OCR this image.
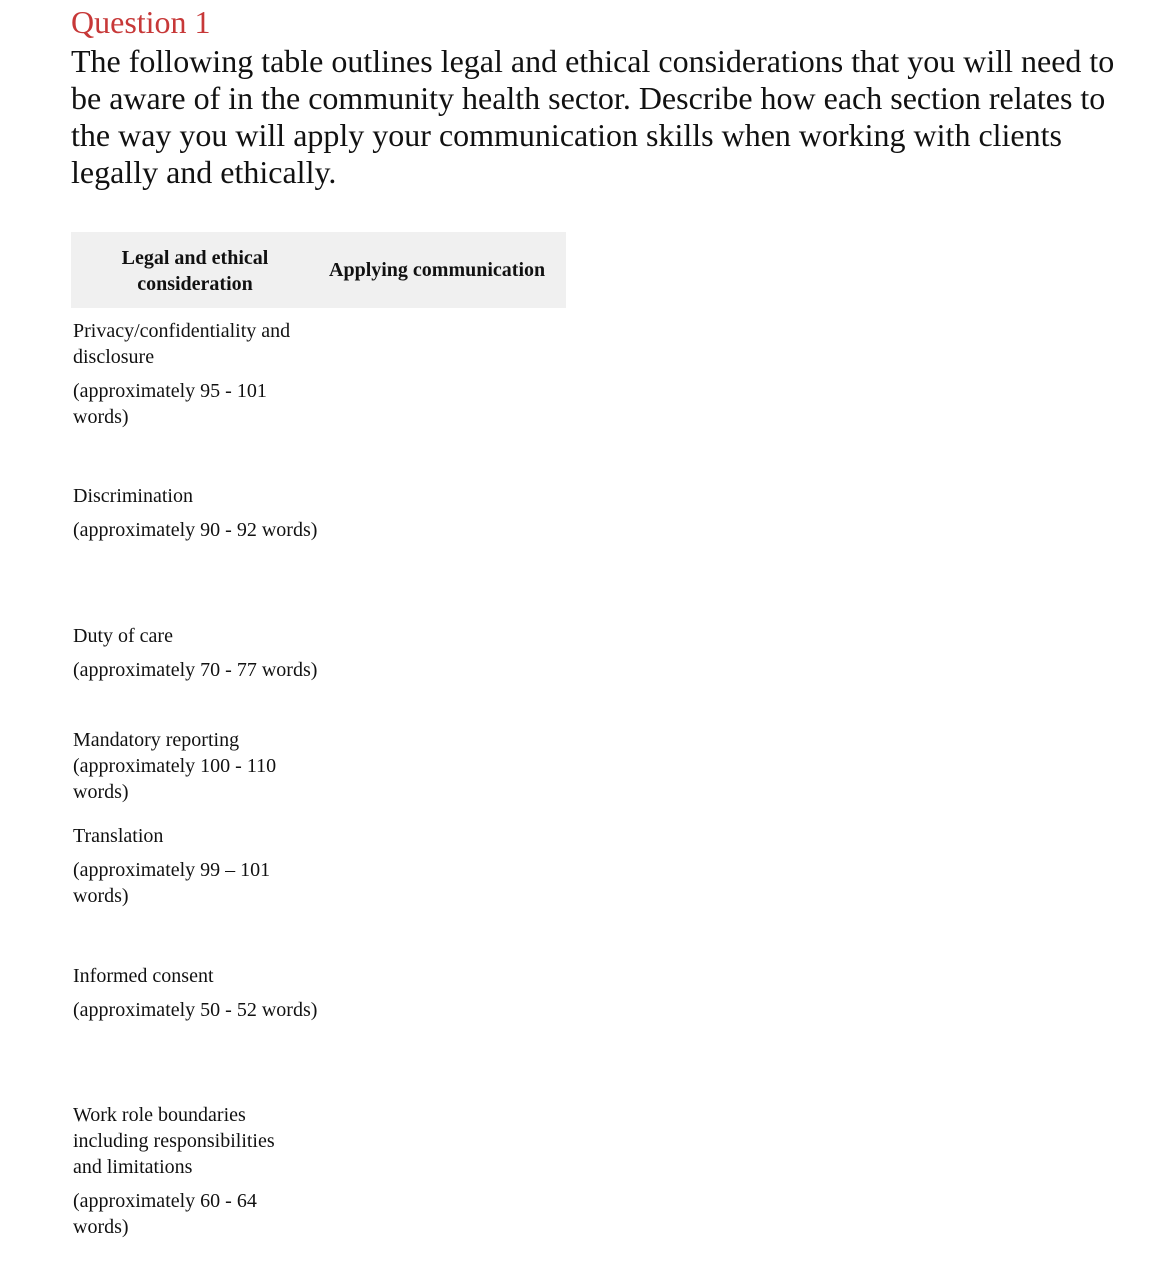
Question 1

The following table outlines legal and ethical considerations that you will need to be aware of in the community health sector. Describe how each section relates to the way you will apply your communication skills when working with clients legally and ethically.

Legal and ethical consideration
Applying communication
Privacy/confidentiality and disclosure
(approximately 95 - 101 words)
Discrimination
(approximately 90 - 92 words)
Duty of care
(approximately 70 - 77 words)
Mandatory reporting
(approximately 100 - 110 words)
Translation
(approximately 99 – 101 words)
Informed consent
(approximately 50 - 52 words)
Work role boundaries including responsibilities and limitations
(approximately 60 - 64 words)
